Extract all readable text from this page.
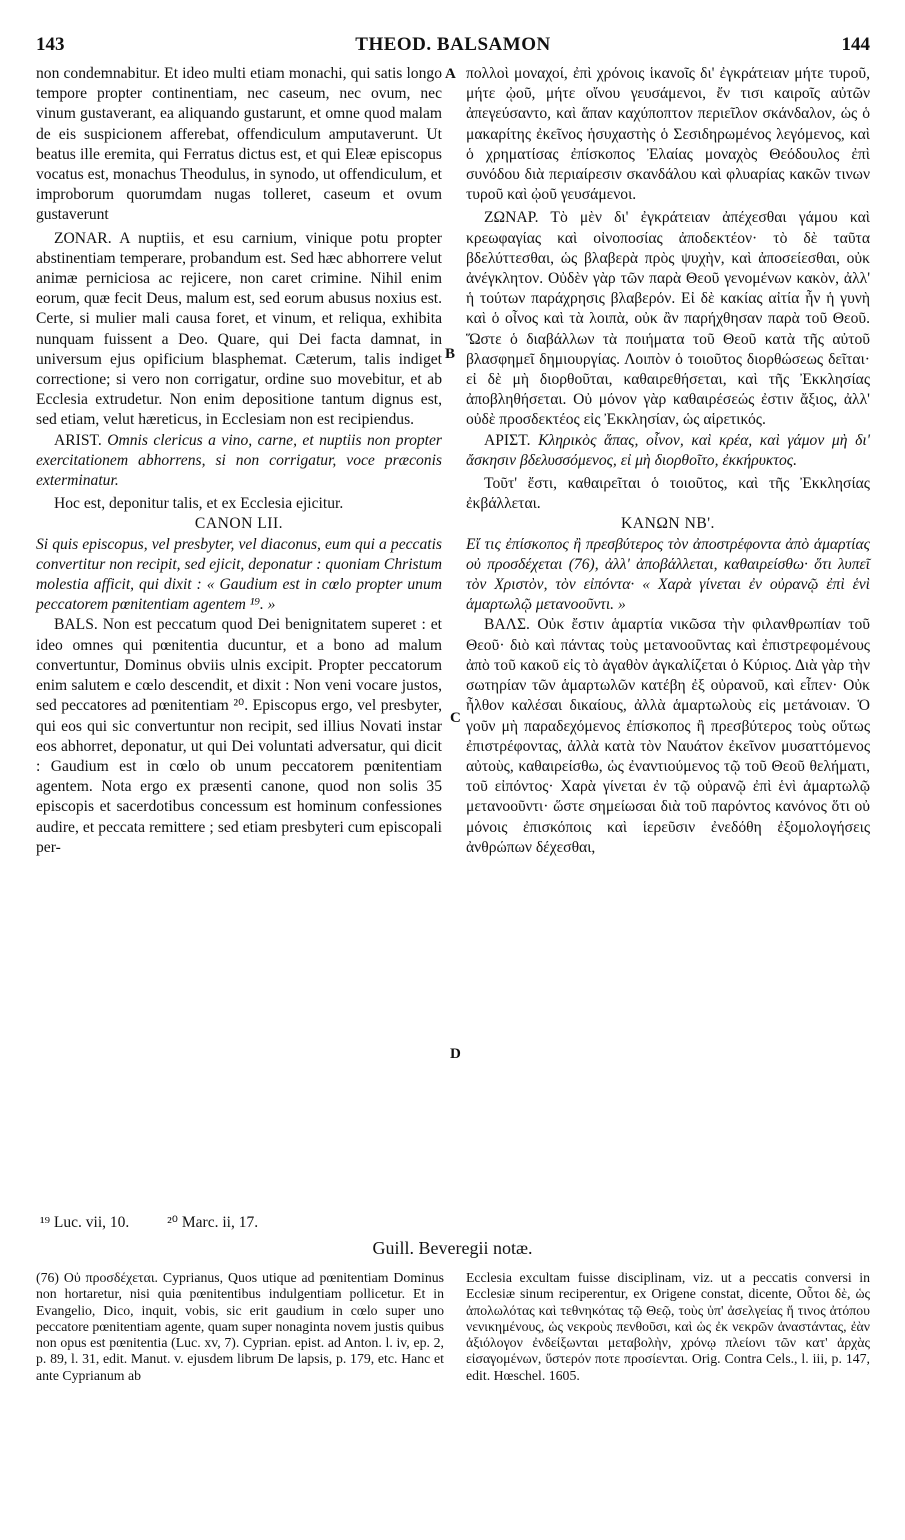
143	THEOD. BALSAMON	144
A
B
C
D

non condemnabitur. Et ideo multi etiam monachi, qui satis longo tempore propter continentiam, nec caseum, nec ovum, nec vinum gustaverant, ea aliquando gustarunt, et omne quod malam de eis suspicionem afferebat, offendiculum amputaverunt. Ut beatus ille eremita, qui Ferratus dictus est, et qui Eleæ episcopus vocatus est, monachus Theodulus, in synodo, ut offendiculum, et improborum quorumdam nugas tolleret, caseum et ovum gustaverunt

ZONAR. A nuptiis, et esu carnium, vinique potu propter abstinentiam temperare, probandum est. Sed hæc abhorrere velut animæ perniciosa ac rejicere, non caret crimine. Nihil enim eorum, quæ fecit Deus, malum est, sed eorum abusus noxius est. Certe, si mulier mali causa foret, et vinum, et reliqua, exhibita nunquam fuissent a Deo. Quare, qui Dei facta damnat, in universum ejus opificium blasphemat. Cæterum, talis indiget correctione; si vero non corrigatur, ordine suo movebitur, et ab Ecclesia extrudetur. Non enim depositione tantum dignus est, sed etiam, velut hæreticus, in Ecclesiam non est recipiendus.

ARIST. Omnis clericus a vino, carne, et nuptiis non propter exercitationem abhorrens, si non corrigatur, voce præconis exterminatur.

Hoc est, deponitur talis, et ex Ecclesia ejicitur.

CANON LII.

Si quis episcopus, vel presbyter, vel diaconus, eum qui a peccatis convertitur non recipit, sed ejicit, deponatur : quoniam Christum molestia afficit, qui dixit : « Gaudium est in cœlo propter unum peccatorem pœnitentiam agentem ¹⁹. »

BALS. Non est peccatum quod Dei benignitatem superet : et ideo omnes qui pœnitentia ducuntur, et a bono ad malum convertuntur, Dominus obviis ulnis excipit. Propter peccatorum enim salutem e cœlo descendit, et dixit : Non veni vocare justos, sed peccatores ad pœnitentiam ²⁰. Episcopus ergo, vel presbyter, qui eos qui sic convertuntur non recipit, sed illius Novati instar eos abhorret, deponatur, ut qui Dei voluntati adversatur, qui dicit : Gaudium est in cœlo ob unum peccatorem pœnitentiam agentem. Nota ergo ex præsenti canone, quod non solis 35 episcopis et sacerdotibus concessum est hominum confessiones audire, et peccata remittere ; sed etiam presbyteri cum episcopali per-

πολλοὶ μοναχοί, ἐπὶ χρόνοις ἱκανοῖς δι' ἐγκράτειαν μήτε τυροῦ, μήτε ᾠοῦ, μήτε οἴνου γευσάμενοι, ἔν τισι καιροῖς αὐτῶν ἀπεγεύσαντο, καὶ ἅπαν καχύποπτον περιεῖλον σκάνδαλον, ὡς ὁ μακαρίτης ἐκεῖνος ἡσυχαστὴς ὁ Σεσιδηρωμένος λεγόμενος, καὶ ὁ χρηματίσας ἐπίσκοπος Ἐλαίας μοναχὸς Θεόδουλος ἐπὶ συνόδου διὰ περιαίρεσιν σκανδάλου καὶ φλυαρίας κακῶν τινων τυροῦ καὶ ᾠοῦ γευσάμενοι.

ΖΩΝΑΡ. Τὸ μὲν δι' ἐγκράτειαν ἀπέχεσθαι γάμου καὶ κρεωφαγίας καὶ οἰνοποσίας ἀποδεκτέον· τὸ δὲ ταῦτα βδελύττεσθαι, ὡς βλαβερὰ πρὸς ψυχὴν, καὶ ἀποσείεσθαι, οὐκ ἀνέγκλητον. Οὐδὲν γὰρ τῶν παρὰ Θεοῦ γενομένων κακὸν, ἀλλ' ἡ τούτων παράχρησις βλαβερόν. Εἰ δὲ κακίας αἰτία ἦν ἡ γυνὴ καὶ ὁ οἶνος καὶ τὰ λοιπὰ, οὐκ ἂν παρήχθησαν παρὰ τοῦ Θεοῦ. Ὥστε ὁ διαβάλλων τὰ ποιήματα τοῦ Θεοῦ κατὰ τῆς αὐτοῦ βλασφημεῖ δημιουργίας. Λοιπὸν ὁ τοιοῦτος διορθώσεως δεῖται· εἰ δὲ μὴ διορθοῦται, καθαιρεθήσεται, καὶ τῆς Ἐκκλησίας ἀποβληθήσεται. Οὐ μόνον γὰρ καθαιρέσεώς ἐστιν ἄξιος, ἀλλ' οὐδὲ προσδεκτέος εἰς Ἐκκλησίαν, ὡς αἱρετικός.

ΑΡΙΣΤ. Κληρικὸς ἅπας, οἶνον, καὶ κρέα, καὶ γάμον μὴ δι' ἄσκησιν βδελυσσόμενος, εἰ μὴ διορθοῖτο, ἐκκήρυκτος.

Τοῦτ' ἔστι, καθαιρεῖται ὁ τοιοῦτος, καὶ τῆς Ἐκκλησίας ἐκβάλλεται.

ΚΑΝΩΝ ΝΒ'.

Εἴ τις ἐπίσκοπος ἢ πρεσβύτερος τὸν ἀποστρέφοντα ἀπὸ ἁμαρτίας οὐ προσδέχεται (76), ἀλλ' ἀποβάλλεται, καθαιρείσθω· ὅτι λυπεῖ τὸν Χριστὸν, τὸν εἰπόντα· « Χαρὰ γίνεται ἐν οὐρανῷ ἐπὶ ἑνὶ ἁμαρτωλῷ μετανοοῦντι. »

ΒΑΛΣ. Οὐκ ἔστιν ἁμαρτία νικῶσα τὴν φιλανθρωπίαν τοῦ Θεοῦ· διὸ καὶ πάντας τοὺς μετανοοῦντας καὶ ἐπιστρεφομένους ἀπὸ τοῦ κακοῦ εἰς τὸ ἀγαθὸν ἀγκαλίζεται ὁ Κύριος. Διὰ γὰρ τὴν σωτηρίαν τῶν ἁμαρτωλῶν κατέβη ἐξ οὐρανοῦ, καὶ εἶπεν· Οὐκ ἦλθον καλέσαι δικαίους, ἀλλὰ ἁμαρτωλοὺς εἰς μετάνοιαν. Ὁ γοῦν μὴ παραδεχόμενος ἐπίσκοπος ἢ πρεσβύτερος τοὺς οὕτως ἐπιστρέφοντας, ἀλλὰ κατὰ τὸν Ναυάτον ἐκεῖνον μυσαττόμενος αὐτοὺς, καθαιρείσθω, ὡς ἐναντιούμενος τῷ τοῦ Θεοῦ θελήματι, τοῦ εἰπόντος· Χαρὰ γίνεται ἐν τῷ οὐρανῷ ἐπὶ ἑνὶ ἁμαρτωλῷ μετανοοῦντι· ὥστε σημείωσαι διὰ τοῦ παρόντος κανόνος ὅτι οὐ μόνοις ἐπισκόποις καὶ ἱερεῦσιν ἐνεδόθη ἐξομολογήσεις ἀνθρώπων δέχεσθαι,

¹⁹ Luc. vii, 10. ²⁰ Marc. ii, 17.
Guill. Beveregii notæ.

(76) Οὐ προσδέχεται. Cyprianus, Quos utique ad pœnitentiam Dominus non hortaretur, nisi quia pœnitentibus indulgentiam pollicetur. Et in Evangelio, Dico, inquit, vobis, sic erit gaudium in cœlo super uno peccatore pœnitentiam agente, quam super nonaginta novem justis quibus non opus est pœnitentia (Luc. xv, 7). Cyprian. epist. ad Anton. l. iv, ep. 2, p. 89, l. 31, edit. Manut. v. ejusdem librum De lapsis, p. 179, etc. Hanc et ante Cyprianum ab

Ecclesia excultam fuisse disciplinam, viz. ut a peccatis conversi in Ecclesiæ sinum reciperentur, ex Origene constat, dicente, Οὗτοι δὲ, ὡς ἀπολωλότας καὶ τεθνηκότας τῷ Θεῷ, τοὺς ὑπ' ἀσελγείας ἤ τινος ἀτόπου νενικημένους, ὡς νεκροὺς πενθοῦσι, καὶ ὡς ἐκ νεκρῶν ἀναστάντας, ἐὰν ἀξιόλογον ἐνδείξωνται μεταβολὴν, χρόνῳ πλείονι τῶν κατ' ἀρχὰς εἰσαγομένων, ὕστερόν ποτε προσίενται. Orig. Contra Cels., l. iii, p. 147, edit. Hœschel. 1605.
